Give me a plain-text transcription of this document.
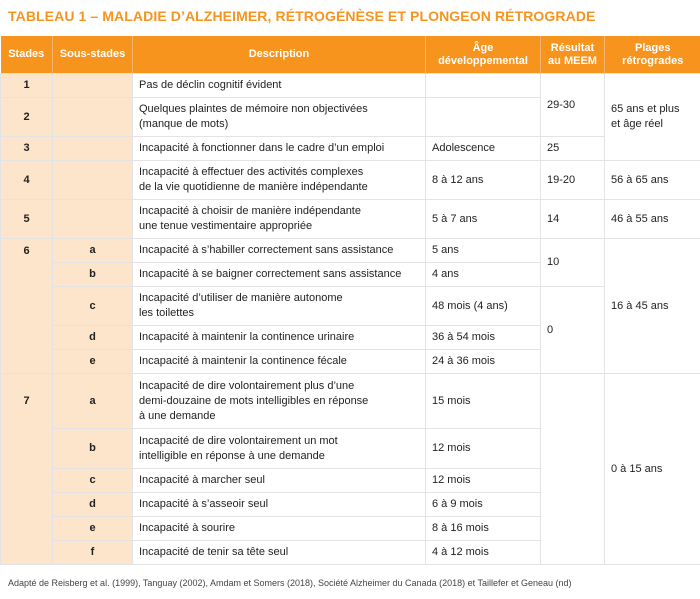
TABLEAU 1 – MALADIE D’ALZHEIMER, RÉTROGÉNÈSE ET PLONGEON RÉTROGRADE
Stades	Sous-stades	Description	Âge
développemental	Résultat
au MEEM	Plages
rétrogrades
1		Pas de déclin cognitif évident		29-30	65 ans et plus
et âge réel
2		Quelques plaintes de mémoire non objectivées
(manque de mots)			
3		Incapacité à fonctionner dans le cadre d’un emploi	Adolescence	25	
4		Incapacité à effectuer des activités complexes
de la vie quotidienne de manière indépendante	8 à 12 ans	19-20	56 à 65 ans
5		Incapacité à choisir de manière indépendante
une tenue vestimentaire appropriée	5 à 7 ans	14	46 à 55 ans
6	a	Incapacité à s’habiller correctement sans assistance	5 ans	10	16 à 45 ans
	b	Incapacité à se baigner correctement sans assistance	4 ans		
	c	Incapacité d’utiliser de manière autonome
les toilettes	48 mois (4 ans)	0	
	d	Incapacité à maintenir la continence urinaire	36 à 54 mois		
	e	Incapacité à maintenir la continence fécale	24 à 36 mois		
7	a	Incapacité de dire volontairement plus d’une
demi-douzaine de mots intelligibles en réponse
à une demande	15 mois		0 à 15 ans
	b	Incapacité de dire volontairement un mot
intelligible en réponse à une demande	12 mois		
	c	Incapacité à marcher seul	12 mois		
	d	Incapacité à s’asseoir seul	6 à 9 mois		
	e	Incapacité à sourire	8 à 16 mois		
	f	Incapacité de tenir sa tête seul	4 à 12 mois		
Adapté de Reisberg et al. (1999), Tanguay (2002), Amdam et Somers (2018), Société Alzheimer du Canada (2018) et Taillefer et Geneau (nd)
